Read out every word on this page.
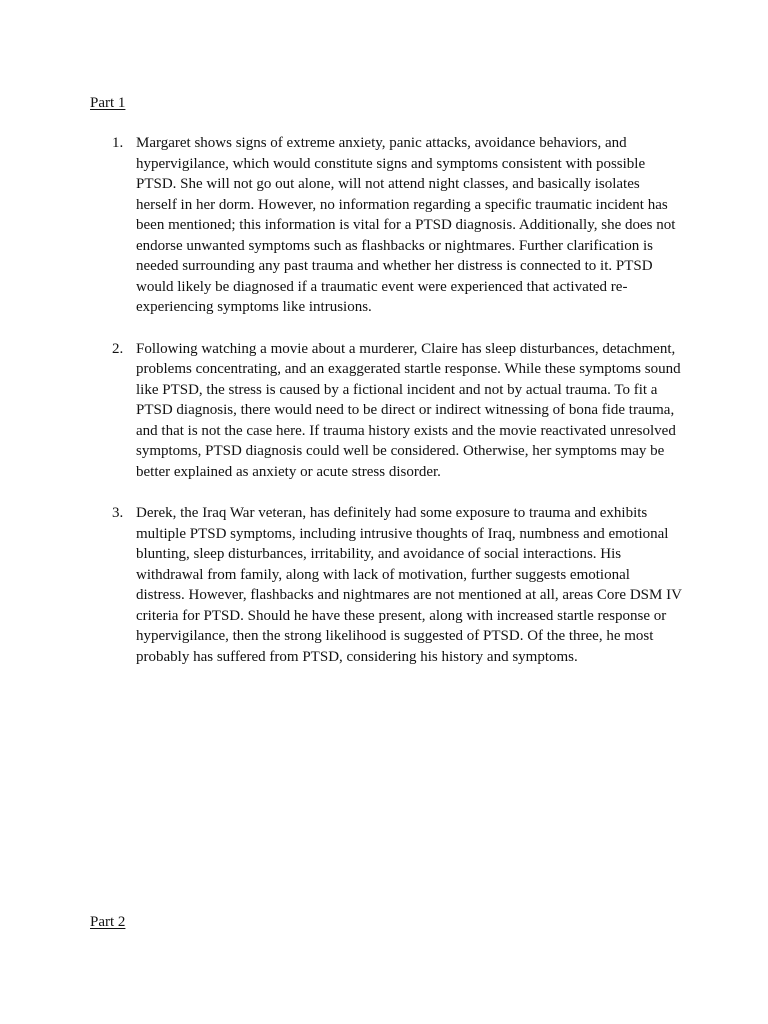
Part 1
1. Margaret shows signs of extreme anxiety, panic attacks, avoidance behaviors, and hypervigilance, which would constitute signs and symptoms consistent with possible PTSD. She will not go out alone, will not attend night classes, and basically isolates herself in her dorm. However, no information regarding a specific traumatic incident has been mentioned; this information is vital for a PTSD diagnosis. Additionally, she does not endorse unwanted symptoms such as flashbacks or nightmares. Further clarification is needed surrounding any past trauma and whether her distress is connected to it. PTSD would likely be diagnosed if a traumatic event were experienced that activated re-experiencing symptoms like intrusions.

2. Following watching a movie about a murderer, Claire has sleep disturbances, detachment, problems concentrating, and an exaggerated startle response. While these symptoms sound like PTSD, the stress is caused by a fictional incident and not by actual trauma. To fit a PTSD diagnosis, there would need to be direct or indirect witnessing of bona fide trauma, and that is not the case here. If trauma history exists and the movie reactivated unresolved symptoms, PTSD diagnosis could well be considered. Otherwise, her symptoms may be better explained as anxiety or acute stress disorder.

3. Derek, the Iraq War veteran, has definitely had some exposure to trauma and exhibits multiple PTSD symptoms, including intrusive thoughts of Iraq, numbness and emotional blunting, sleep disturbances, irritability, and avoidance of social interactions. His withdrawal from family, along with lack of motivation, further suggests emotional distress. However, flashbacks and nightmares are not mentioned at all, areas Core DSM IV criteria for PTSD. Should he have these present, along with increased startle response or hypervigilance, then the strong likelihood is suggested of PTSD. Of the three, he most probably has suffered from PTSD, considering his history and symptoms.

Part 2
